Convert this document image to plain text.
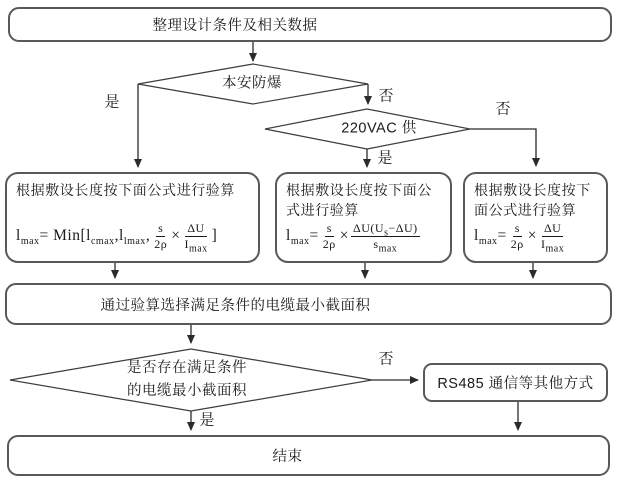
整理设计条件及相关数据
根据敷设长度按下面公式进行验算
$l_{max} = Min$[ $l_{cmax}$ , $l_{lmax}$ , $\frac{s}{2\rho} \times \frac{\Delta U}{I_{max}}$ ]
根据敷设长度按下面公式进行验算
$l_{max} = \frac{s}{2\rho} \times \frac{\Delta U(U_s-\Delta U)}{s_{max}}$
根据敷设长度按下面公式进行验算
$l_{max} = \frac{s}{2\rho} \times \frac{\Delta U}{I_{max}}$
通过验算选择满足条件的电缆最小截面积
RS485 通信等其他方式
结束
本安防爆
220VAC 供
是否存在满足条件
的电缆最小截面积
是	否
是
否
否
是
